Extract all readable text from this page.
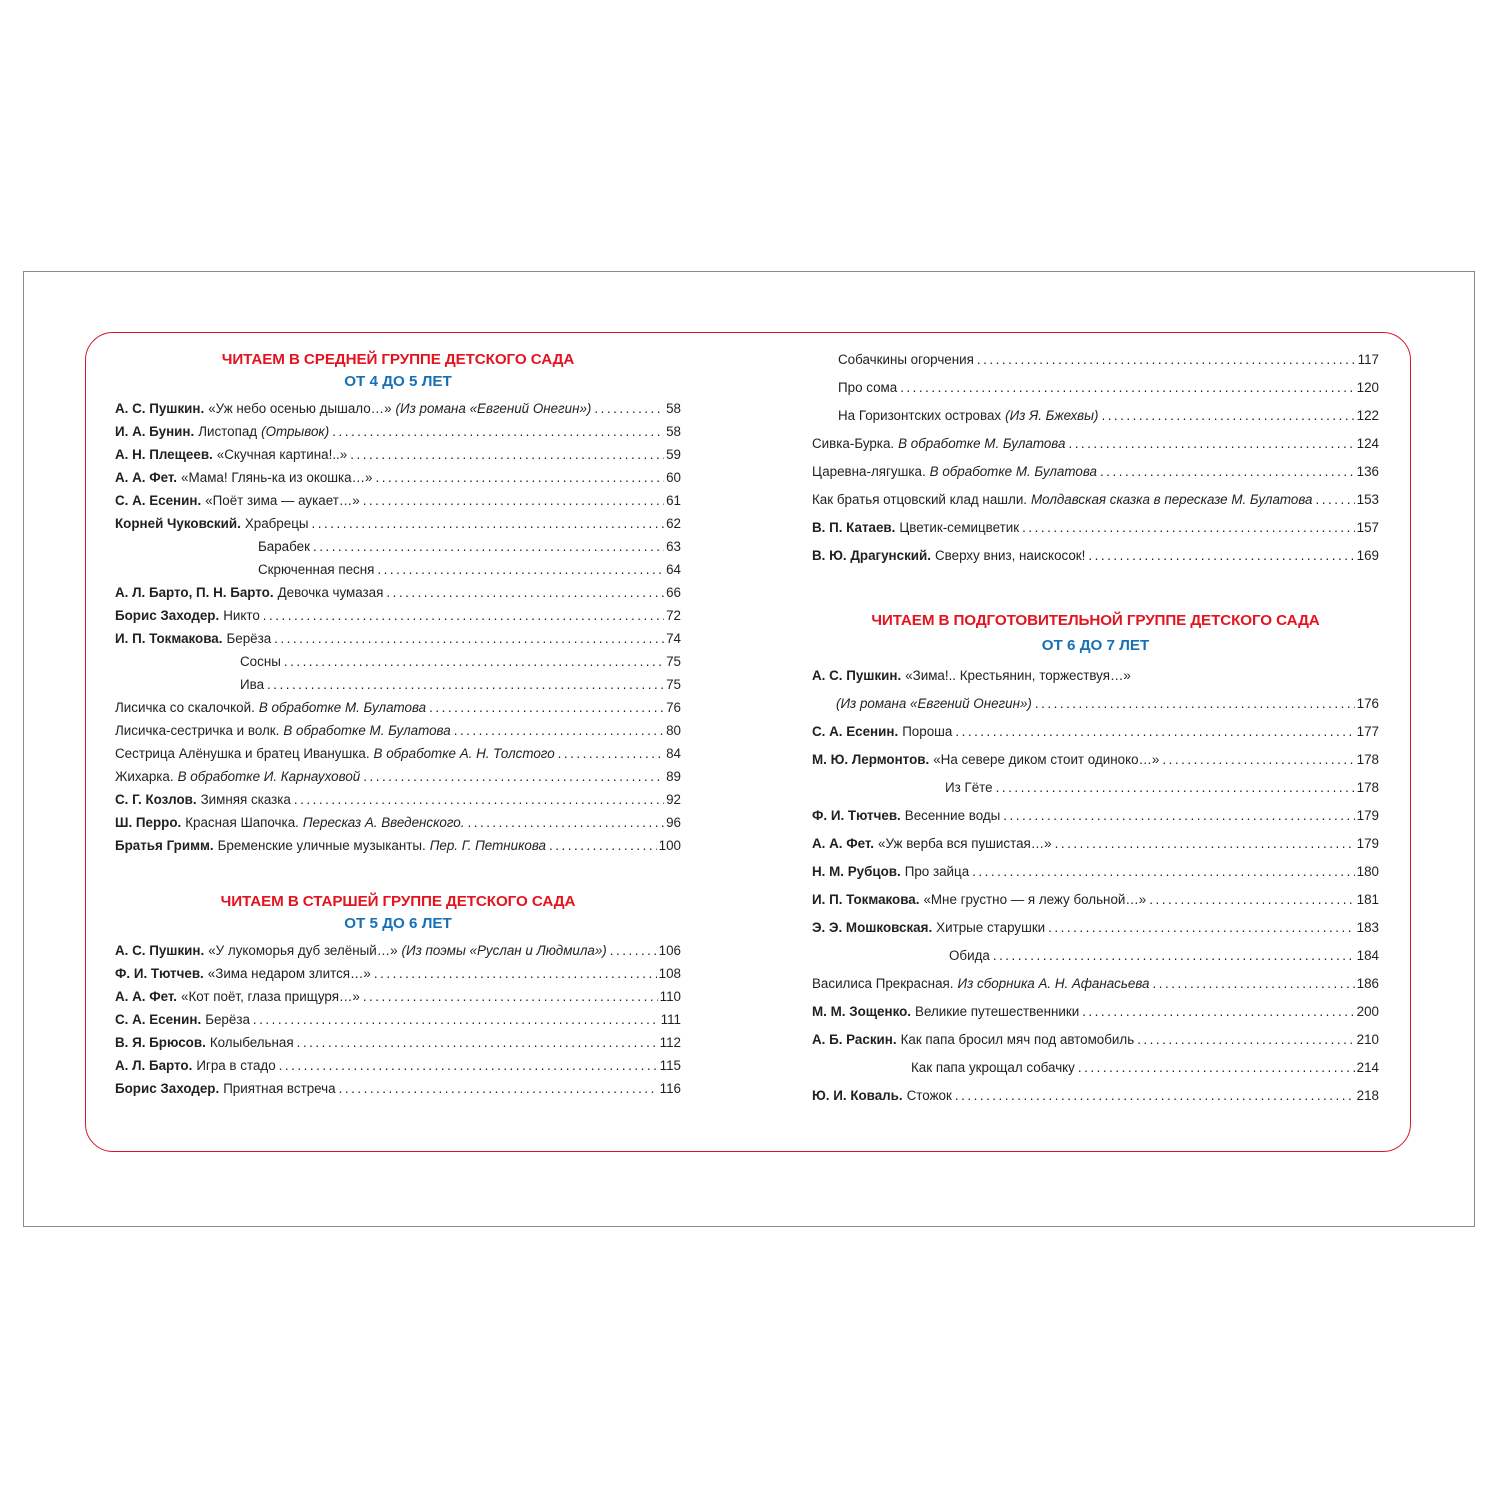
ЧИТАЕМ В СРЕДНЕЙ ГРУППЕ ДЕТСКОГО САДА
ОТ 4 ДО 5 ЛЕТ
А. С. Пушкин. «Уж небо осенью дышало…» (Из романа «Евгений Онегин») . . .	58
И. А. Бунин. Листопад (Отрывок) . . .	58
А. Н. Плещеев. «Скучная картина!..» . . .	59
А. А. Фет. «Мама! Глянь-ка из окошка…» . . .	60
С. А. Есенин. «Поёт зима — аукает…» . . .	61
Корней Чуковский. Храбрецы . . .	62
Барабек . . .	63
Скрюченная песня . . .	64
А. Л. Барто, П. Н. Барто. Девочка чумазая . . .	66
Борис Заходер. Никто . . .	72
И. П. Токмакова. Берёза . . .	74
Сосны . . .	75
Ива . . .	75
Лисичка со скалочкой. В обработке М. Булатова . . .	76
Лисичка-сестричка и волк. В обработке М. Булатова . . .	80
Сестрица Алёнушка и братец Иванушка. В обработке А. Н. Толстого . . .	84
Жихарка. В обработке И. Карнауховой . . .	89
С. Г. Козлов. Зимняя сказка . . .	92
Ш. Перро. Красная Шапочка. Пересказ А. Введенского. . . .	96
Братья Гримм. Бременские уличные музыканты. Пер. Г. Петникова . . .	100
ЧИТАЕМ В СТАРШЕЙ ГРУППЕ ДЕТСКОГО САДА
ОТ 5 ДО 6 ЛЕТ
А. С. Пушкин. «У лукоморья дуб зелёный…» (Из поэмы «Руслан и Людмила») . . .	106
Ф. И. Тютчев. «Зима недаром злится…» . . .	108
А. А. Фет. «Кот поёт, глаза прищуря…» . . .	110
С. А. Есенин. Берёза . . .	111
В. Я. Брюсов. Колыбельная . . .	112
А. Л. Барто. Игра в стадо . . .	115
Борис Заходер. Приятная встреча . . .	116
Собачкины огорчения . . .	117
Про сома . . .	120
На Горизонтских островах (Из Я. Бжехвы) . . .	122
Сивка-Бурка. В обработке М. Булатова . . .	124
Царевна-лягушка. В обработке М. Булатова . . .	136
Как братья отцовский клад нашли. Молдавская сказка в пересказе М. Булатова . . .	153
В. П. Катаев. Цветик-семицветик . . .	157
В. Ю. Драгунский. Сверху вниз, наискосок! . . .	169
ЧИТАЕМ В ПОДГОТОВИТЕЛЬНОЙ ГРУППЕ ДЕТСКОГО САДА
ОТ 6 ДО 7 ЛЕТ
А. С. Пушкин. «Зима!.. Крестьянин, торжествуя…»
(Из романа «Евгений Онегин») . . .	176
С. А. Есенин. Пороша . . .	177
М. Ю. Лермонтов. «На севере диком стоит одиноко…» . . .	178
Из Гёте . . .	178
Ф. И. Тютчев. Весенние воды . . .	179
А. А. Фет. «Уж верба вся пушистая…» . . .	179
Н. М. Рубцов. Про зайца . . .	180
И. П. Токмакова. «Мне грустно — я лежу больной…» . . .	181
Э. Э. Мошковская. Хитрые старушки . . .	183
Обида . . .	184
Василиса Прекрасная. Из сборника А. Н. Афанасьева . . .	186
М. М. Зощенко. Великие путешественники . . .	200
А. Б. Раскин. Как папа бросил мяч под автомобиль . . .	210
Как папа укрощал собачку . . .	214
Ю. И. Коваль. Стожок . . .	218
